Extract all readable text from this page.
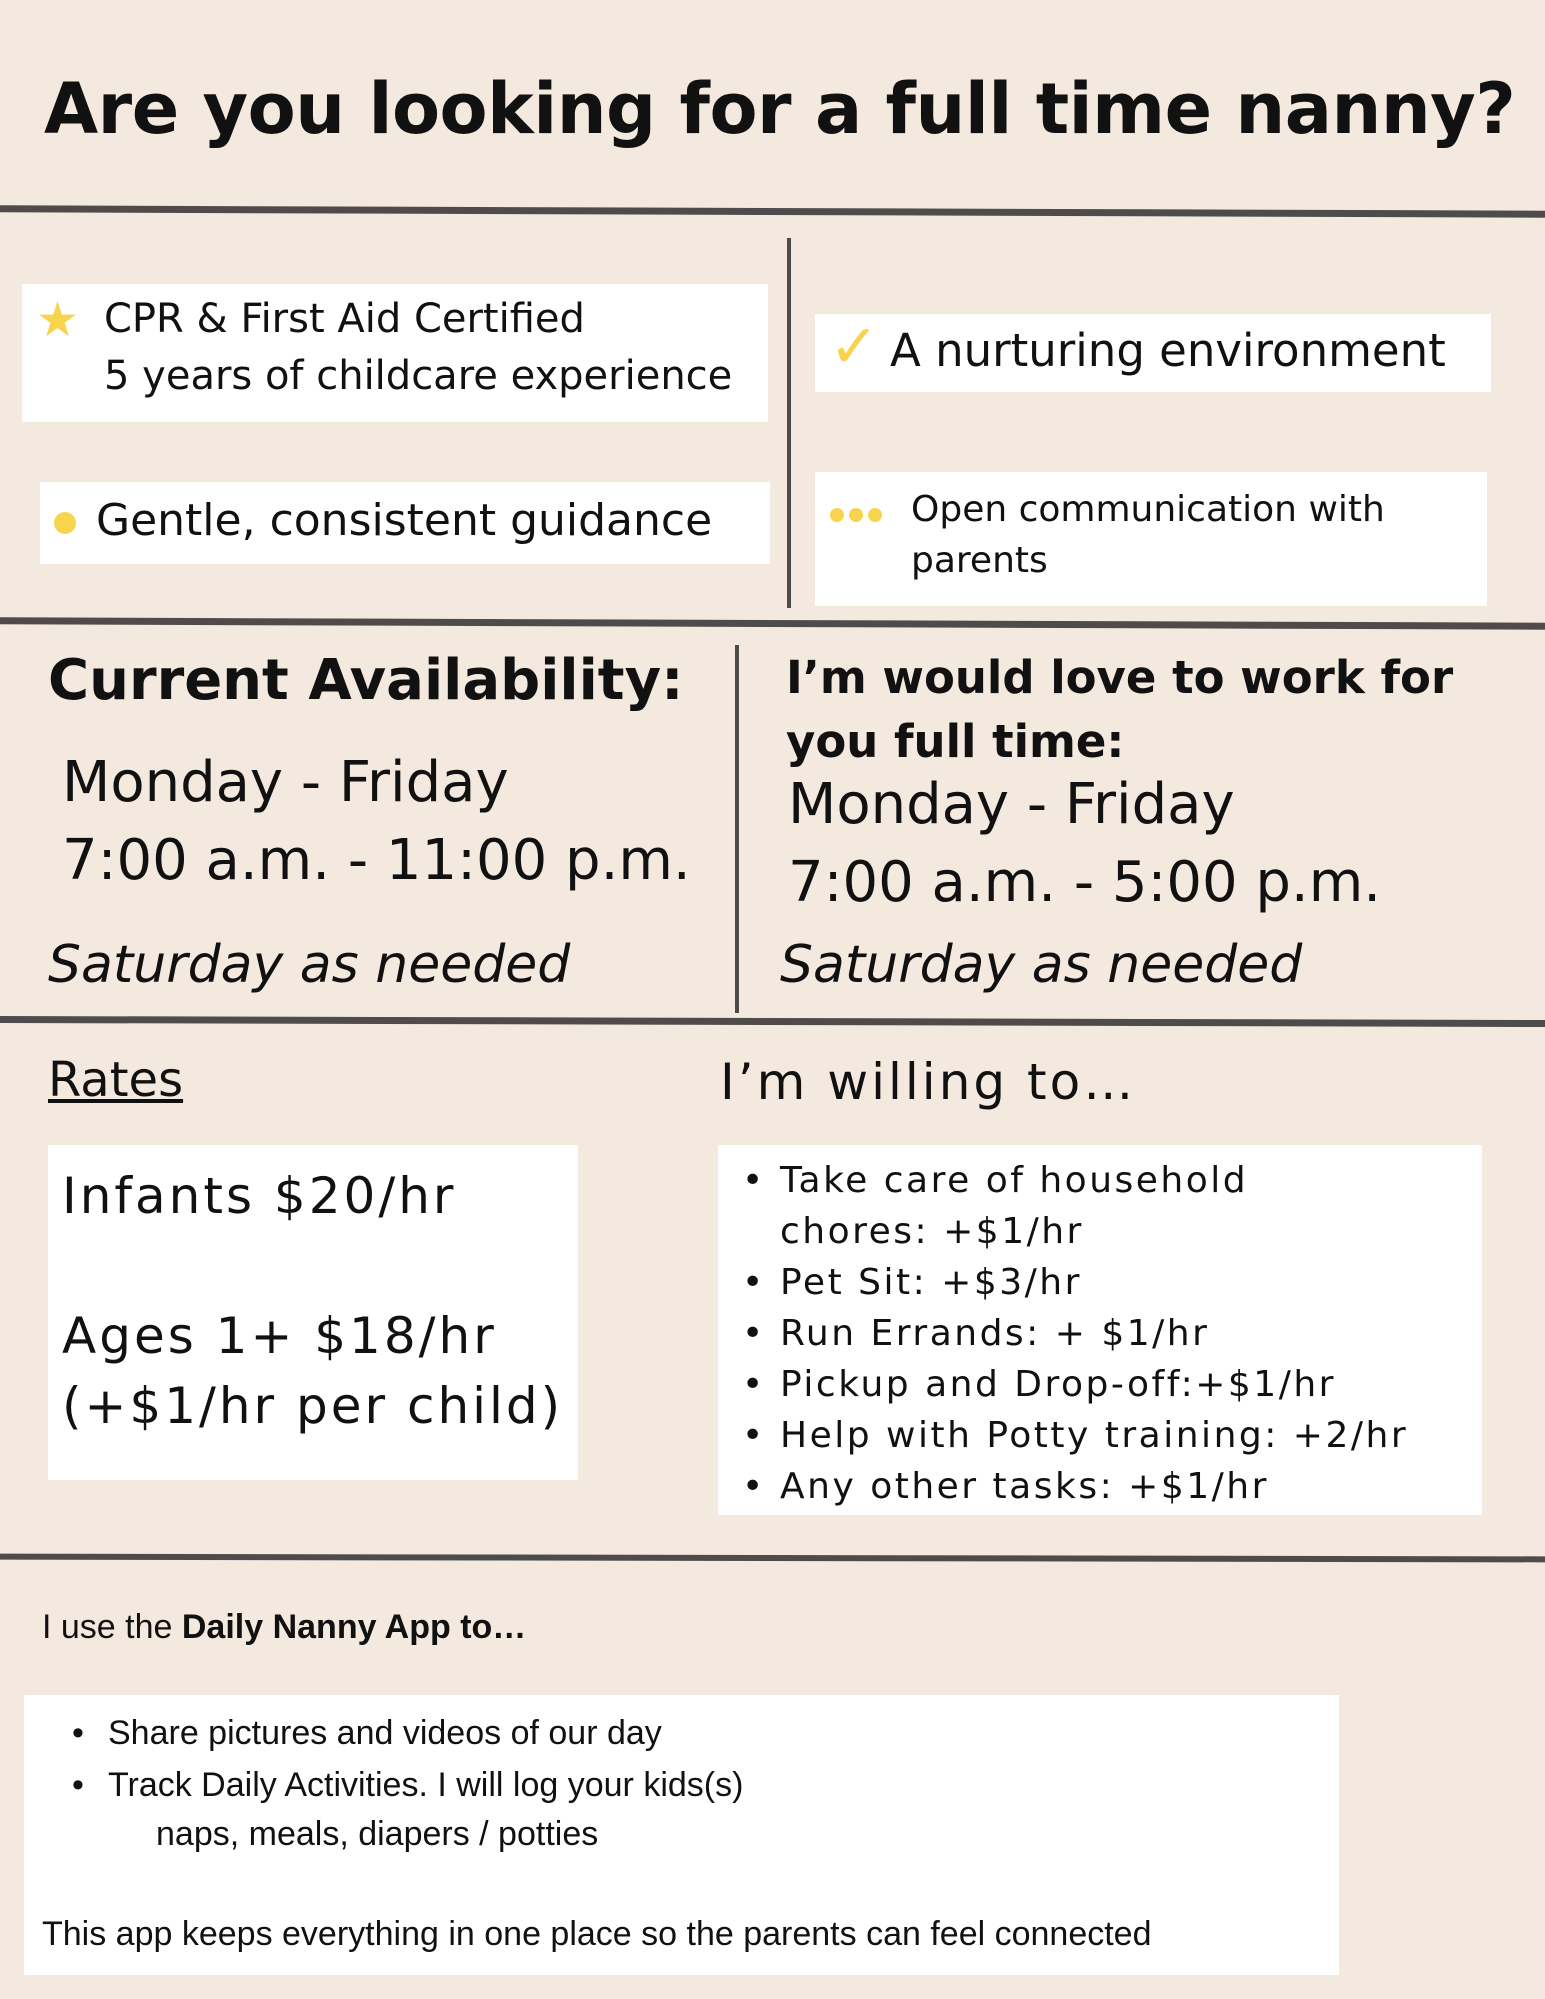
Are you looking for a full time nanny?
★ CPR & First Aid Certified
5 years of childcare experience
Gentle, consistent guidance
✓ A nurturing environment
Open communication with
parents
Current Availability:
Monday - Friday
7:00 a.m. - 11:00 p.m.
Saturday as needed
I’m would love to work for
you full time:
Monday - Friday
7:00 a.m. - 5:00 p.m.
Saturday as needed
Rates
Infants $20/hr
Ages 1+ $18/hr
(+$1/hr per child)
I’m willing to…
• Take care of household
chores: +$1/hr
• Pet Sit: +$3/hr
• Run Errands: + $1/hr
• Pickup and Drop-off:+$1/hr
• Help with Potty training: +2/hr
• Any other tasks: +$1/hr
I use the Daily Nanny App to…
• Share pictures and videos of our day
• Track Daily Activities. I will log your kids(s)
naps, meals, diapers / potties
This app keeps everything in one place so the parents can feel connected
